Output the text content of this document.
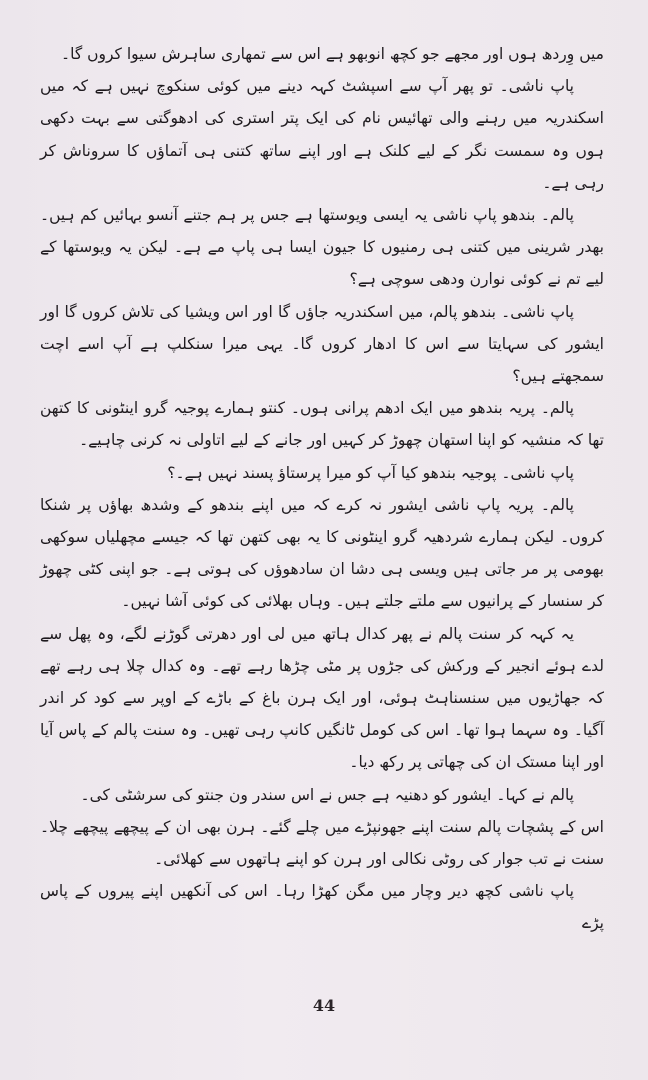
میں وِردھ ہوں اور مجھے جو کچھ انوبھو ہے اس سے تمھاری ساہرش سیوا کروں گا۔

پاپ ناشی۔ تو پھر آپ سے اسپشٹ کہہ دینے میں کوئی سنکوچ نہیں ہے کہ میں اسکندریہ میں رہنے والی تھائیس نام کی ایک پتر استری کی ادھوگتی سے بہت دکھی ہوں وہ سمست نگر کے لیے کلنک ہے اور اپنے ساتھ کتنی ہی آتماؤں کا سروناش کر رہی ہے۔

پالم۔ بندھو پاپ ناشی یہ ایسی ویوستھا ہے جس پر ہم جتنے آنسو بہائیں کم ہیں۔ بھدر شرینی میں کتنی ہی رمنیوں کا جیون ایسا ہی پاپ مے ہے۔ لیکن یہ ویوستھا کے لیے تم نے کوئی نوارن ودھی سوچی ہے؟

پاپ ناشی۔ بندھو پالم، میں اسکندریہ جاؤں گا اور اس ویشیا کی تلاش کروں گا اور ایشور کی سہایتا سے اس کا ادھار کروں گا۔ یہی میرا سنکلپ ہے آپ اسے اچت سمجھتے ہیں؟

پالم۔ پریہ بندھو میں ایک ادھم پرانی ہوں۔ کنتو ہمارے پوجیہ گرو اینٹونی کا کتھن تھا کہ منشیہ کو اپنا استھان چھوڑ کر کہیں اور جانے کے لیے اتاولی نہ کرنی چاہیے۔

پاپ ناشی۔ پوجیہ بندھو کیا آپ کو میرا پرستاؤ پسند نہیں ہے۔؟

پالم۔ پریہ پاپ ناشی ایشور نہ کرے کہ میں اپنے بندھو کے وشدھ بھاؤں پر شنکا کروں۔ لیکن ہمارے شردھیہ گرو اینٹونی کا یہ بھی کتھن تھا کہ جیسے مچھلیاں سوکھی بھومی پر مر جاتی ہیں ویسی ہی دشا ان سادھوؤں کی ہوتی ہے۔ جو اپنی کٹی چھوڑ کر سنسار کے پرانیوں سے ملتے جلتے ہیں۔ وہاں بھلائی کی کوئی آشا نہیں۔

یہ کہہ کر سنت پالم نے پھر کدال ہاتھ میں لی اور دھرتی گوڑنے لگے، وہ پھل سے لدے ہوئے انجیر کے ورکش کی جڑوں پر مٹی چڑھا رہے تھے۔ وہ کدال چلا ہی رہے تھے کہ جھاڑیوں میں سنسناہٹ ہوئی، اور ایک ہرن باغ کے باڑے کے اوپر سے کود کر اندر آگیا۔ وہ سہما ہوا تھا۔ اس کی کومل ٹانگیں کانپ رہی تھیں۔ وہ سنت پالم کے پاس آیا اور اپنا مستک ان کی چھاتی پر رکھ دیا۔

پالم نے کہا۔ ایشور کو دھنیہ ہے جس نے اس سندر ون جنتو کی سرشٹی کی۔

اس کے پشچات پالم سنت اپنے جھونپڑے میں چلے گئے۔ ہرن بھی ان کے پیچھے پیچھے چلا۔ سنت نے تب جوار کی روٹی نکالی اور ہرن کو اپنے ہاتھوں سے کھلائی۔

پاپ ناشی کچھ دیر وچار میں مگن کھڑا رہا۔ اس کی آنکھیں اپنے پیروں کے پاس پڑے

44
